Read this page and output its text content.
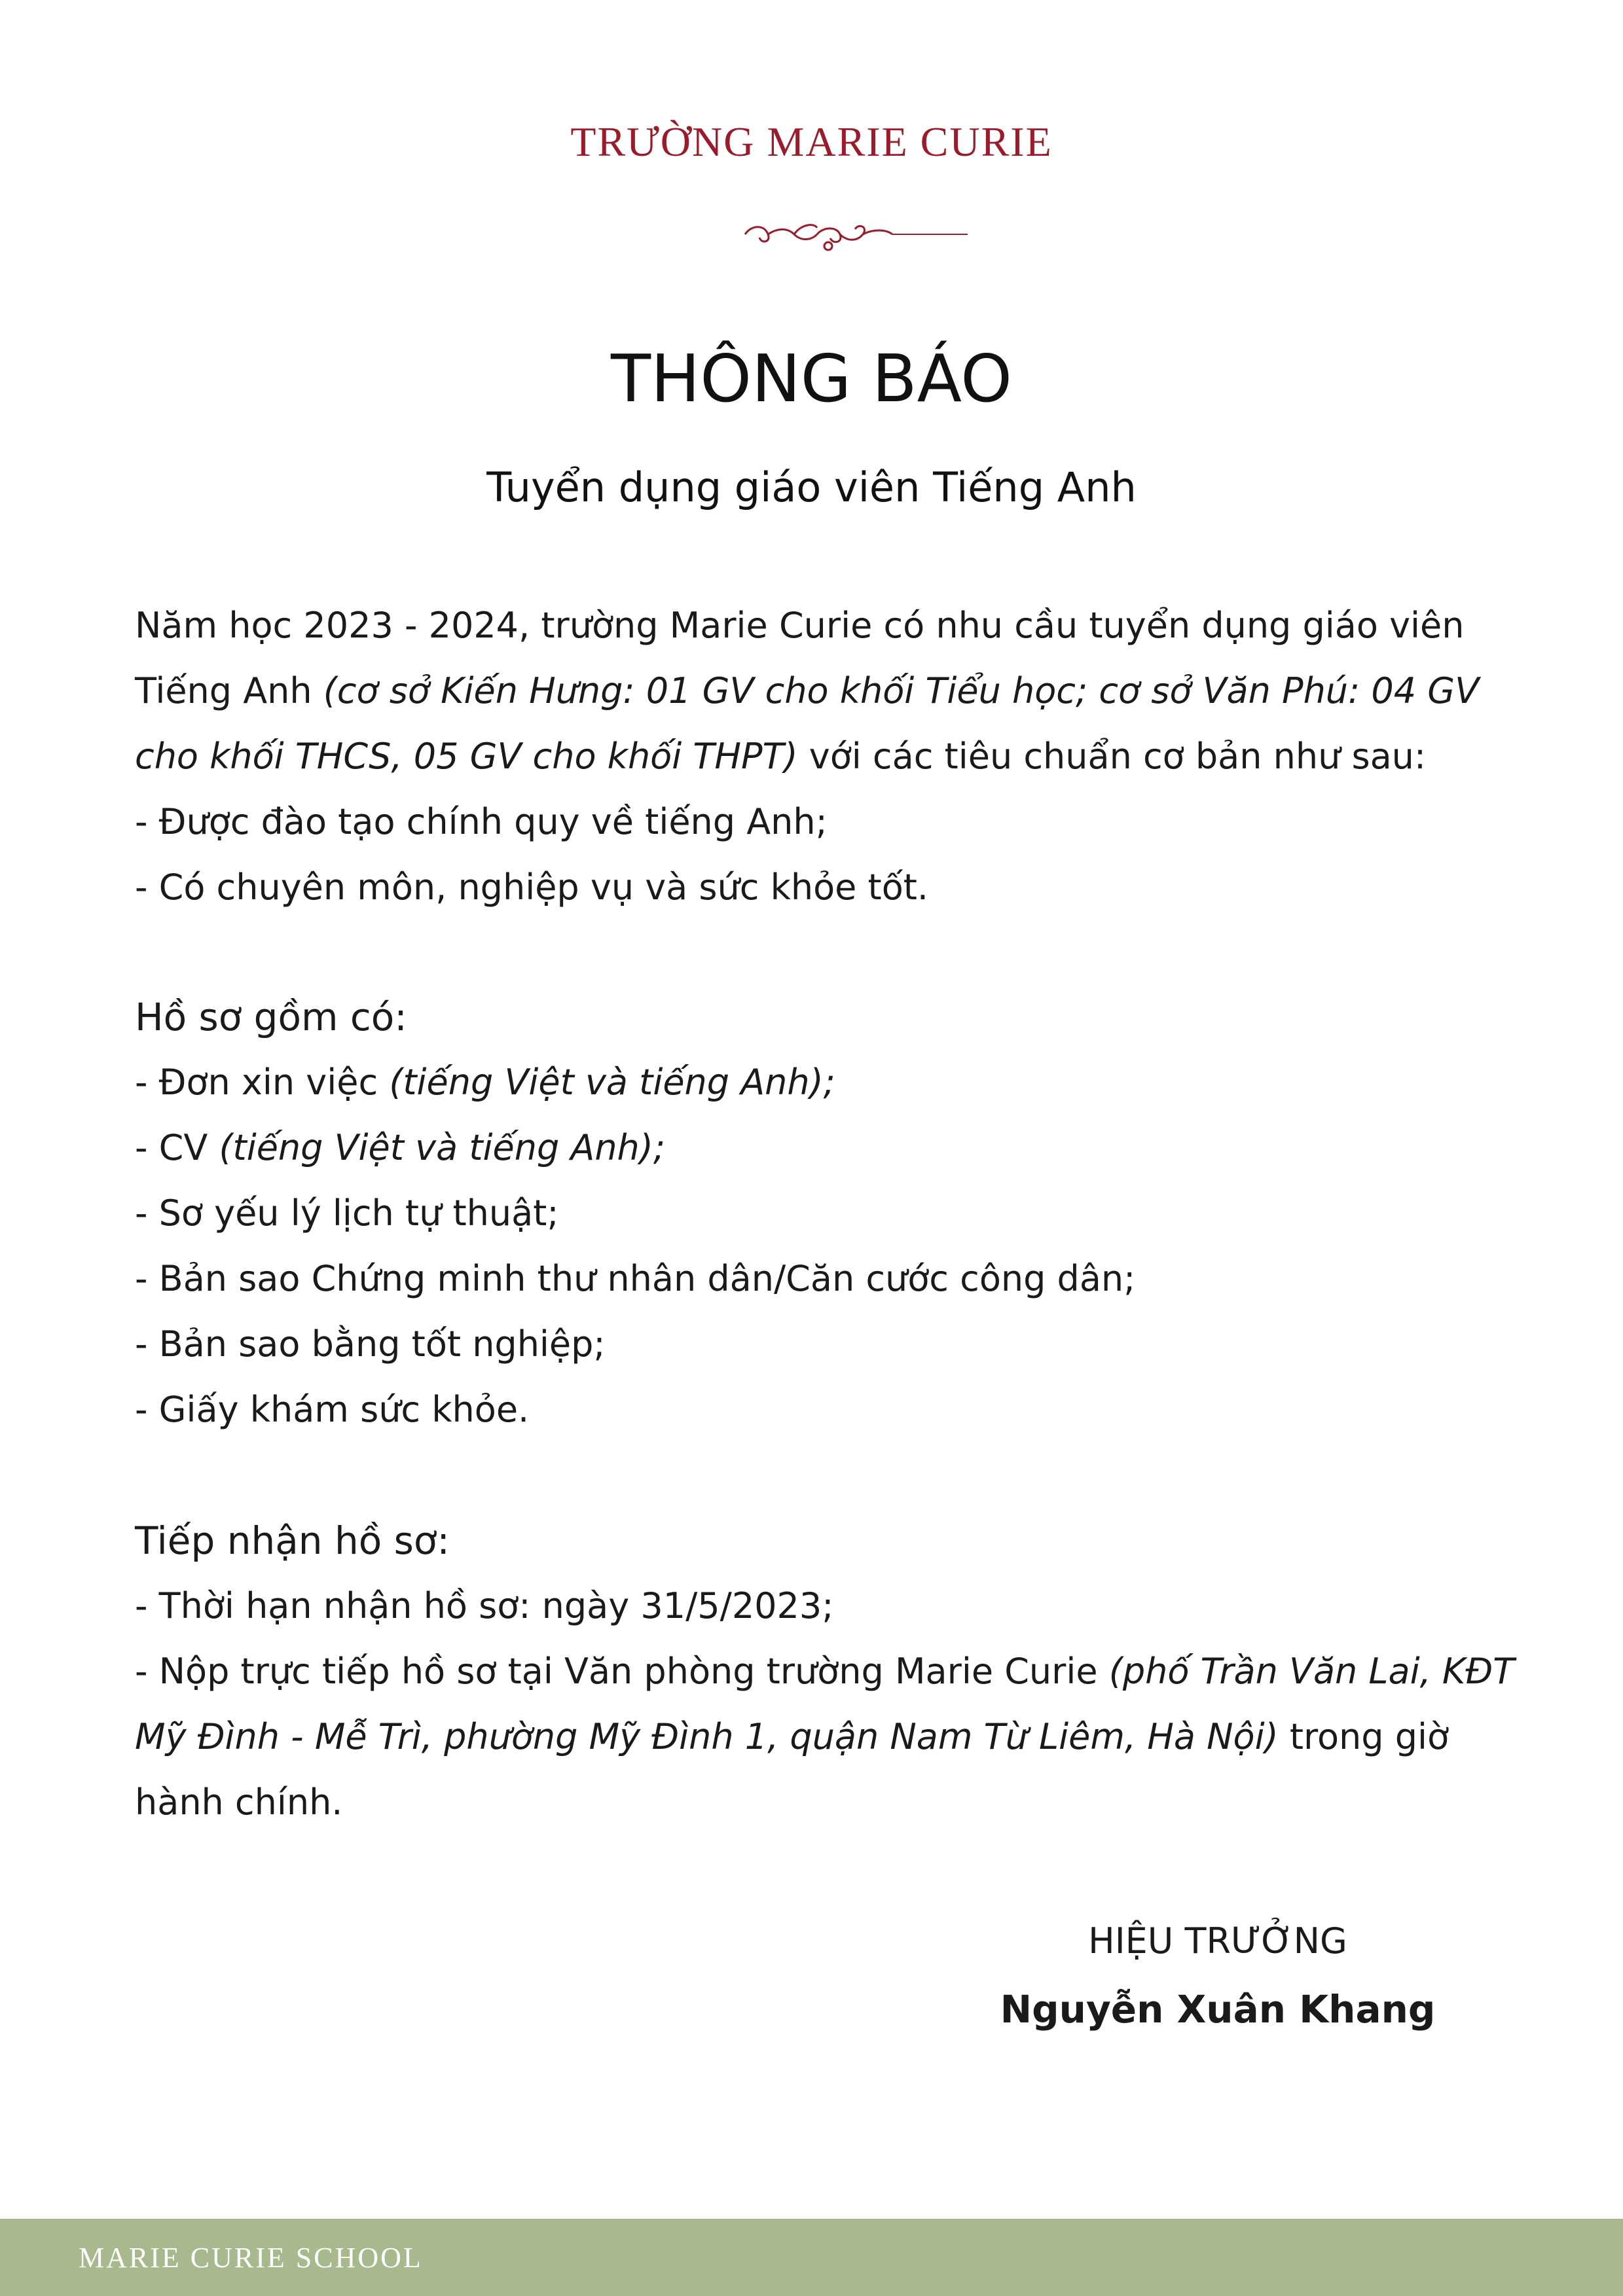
TRƯỜNG MARIE CURIE
THÔNG BÁO
Tuyển dụng giáo viên Tiếng Anh

Năm học 2023 - 2024, trường Marie Curie có nhu cầu tuyển dụng giáo viên Tiếng Anh (cơ sở Kiến Hưng: 01 GV cho khối Tiểu học; cơ sở Văn Phú: 04 GV cho khối THCS, 05 GV cho khối THPT) với các tiêu chuẩn cơ bản như sau:

- Được đào tạo chính quy về tiếng Anh;

- Có chuyên môn, nghiệp vụ và sức khỏe tốt.

Hồ sơ gồm có:

- Đơn xin việc (tiếng Việt và tiếng Anh);

- CV (tiếng Việt và tiếng Anh);

- Sơ yếu lý lịch tự thuật;

- Bản sao Chứng minh thư nhân dân/Căn cước công dân;

- Bản sao bằng tốt nghiệp;

- Giấy khám sức khỏe.

Tiếp nhận hồ sơ:

- Thời hạn nhận hồ sơ: ngày 31/5/2023;

- Nộp trực tiếp hồ sơ tại Văn phòng trường Marie Curie (phố Trần Văn Lai, KĐT Mỹ Đình - Mễ Trì, phường Mỹ Đình 1, quận Nam Từ Liêm, Hà Nội) trong giờ hành chính.

HIỆU TRƯỞNG
Nguyễn Xuân Khang
MARIE CURIE SCHOOL
